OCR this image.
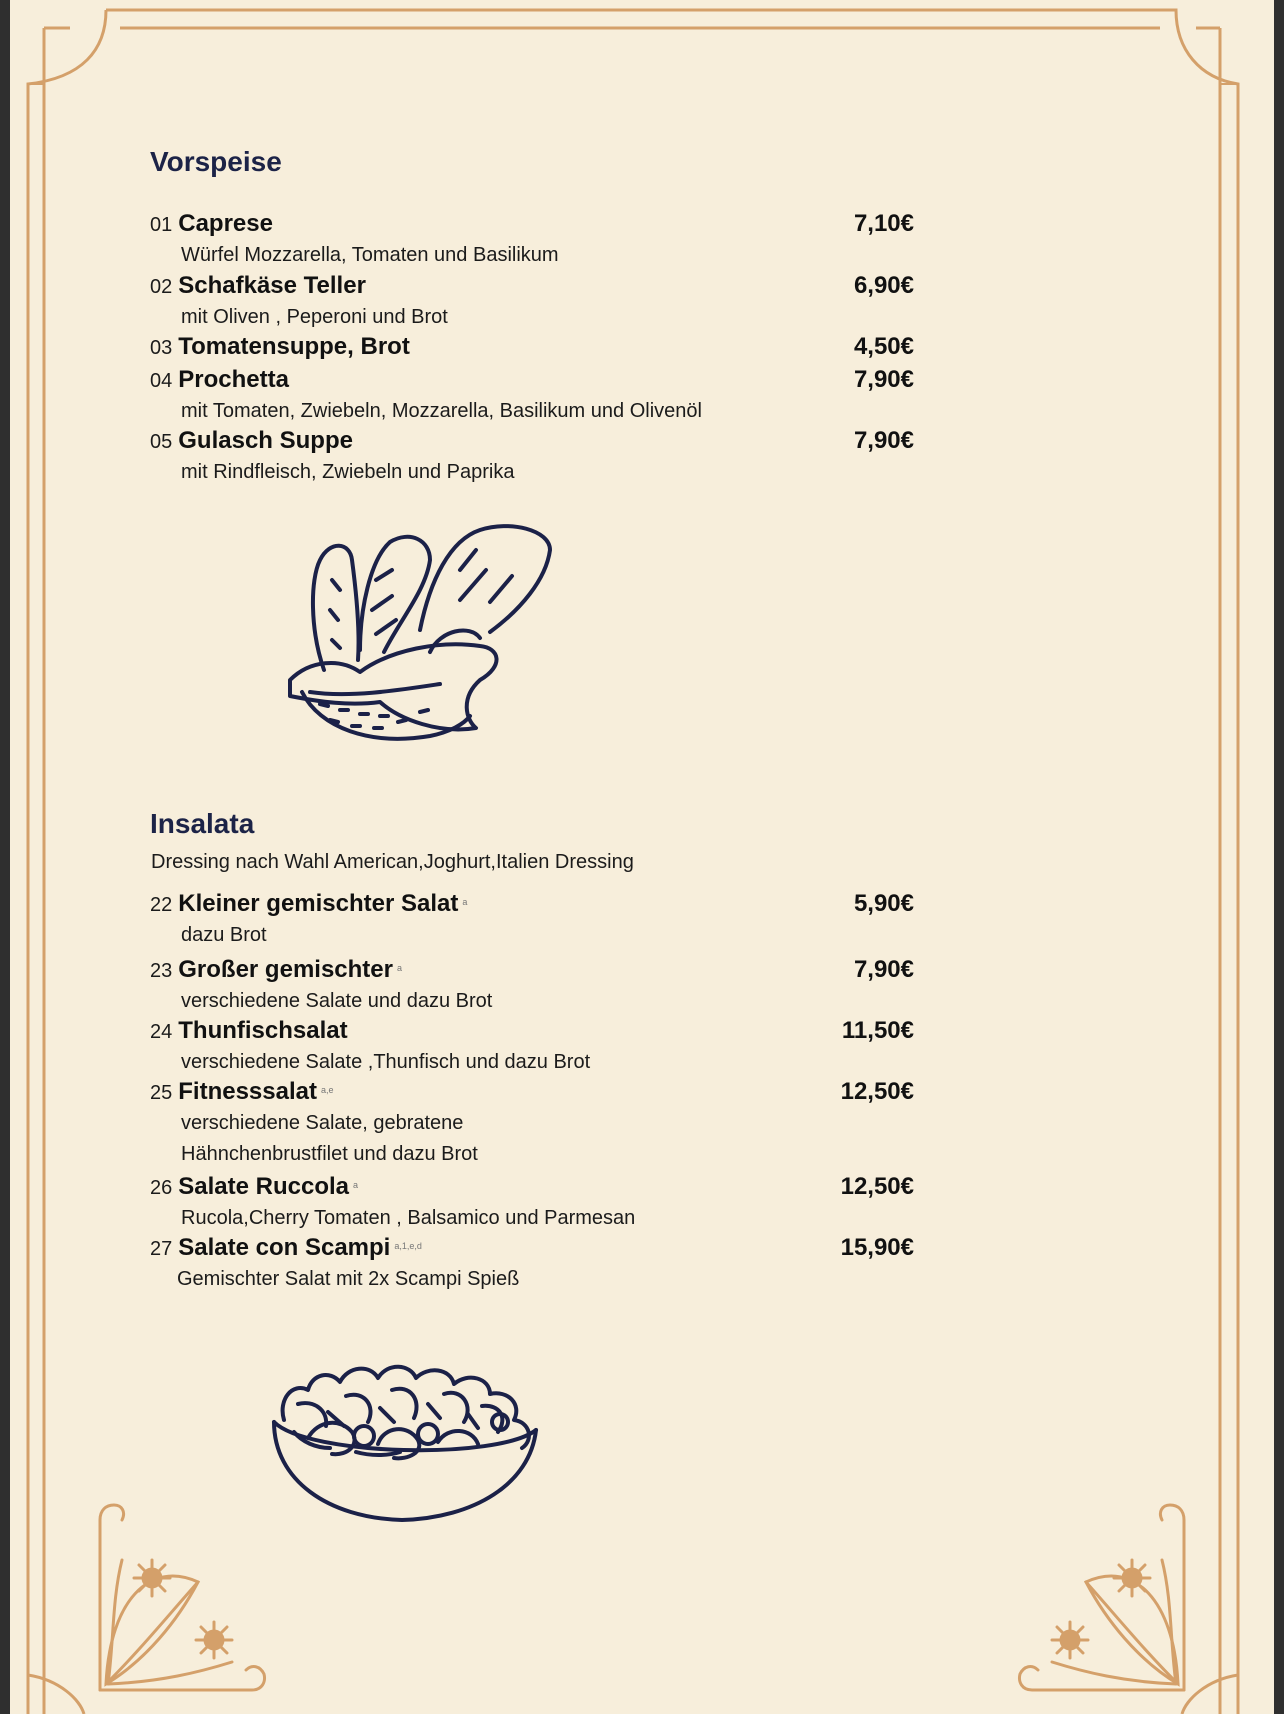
Vorspeise
01 Caprese	7,10€
Würfel Mozzarella, Tomaten und Basilikum
02 Schafkäse Teller	6,90€
mit Oliven , Peperoni und Brot
03 Tomatensuppe, Brot	4,50€
04 Prochetta	7,90€
mit Tomaten, Zwiebeln, Mozzarella, Basilikum und Olivenöl
05 Gulasch Suppe	7,90€
mit Rindfleisch, Zwiebeln und Paprika
Insalata
Dressing nach Wahl American,Joghurt,Italien Dressing
22 Kleiner gemischter Salat $^a$	5,90€
dazu Brot
23 Großer gemischter $^a$	7,90€
verschiedene Salate und dazu Brot
24 Thunfischsalat	11,50€
verschiedene Salate ,Thunfisch und dazu Brot
25 Fitnesssalat $^{a,e}$	12,50€
verschiedene Salate, gebratene
Hähnchenbrustfilet und dazu Brot
26 Salate Ruccola $^a$	12,50€
Rucola,Cherry Tomaten , Balsamico und Parmesan
27 Salate con Scampi $^{a,1,e,d}$	15,90€
Gemischter Salat mit 2x Scampi Spieß
